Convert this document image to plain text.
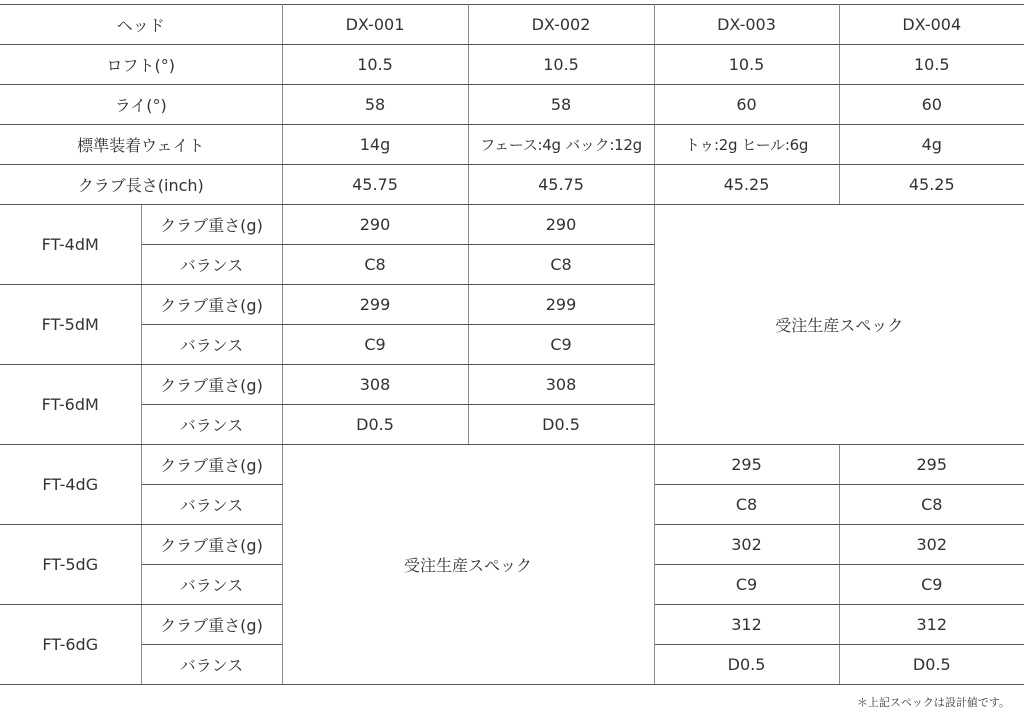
ヘッド		DX-001	DX-002	DX-003	DX-004
ロフト(°)		10.5	10.5	10.5	10.5
ライ(°)		58	58	60	60
標準装着ウェイト		14g	フェース:4g バック:12g	トゥ:2g ヒール:6g	4g
クラブ長さ(inch)		45.75	45.75	45.25	45.25
FT-4dM	クラブ重さ(g)	290	290	受注生産スペック	
	バランス	C8	C8		
FT-5dM	クラブ重さ(g)	299	299		
	バランス	C9	C9		
FT-6dM	クラブ重さ(g)	308	308		
	バランス	D0.5	D0.5		
FT-4dG	クラブ重さ(g)	受注生産スペック		295	295
	バランス			C8	C8
FT-5dG	クラブ重さ(g)			302	302
	バランス			C9	C9
FT-6dG	クラブ重さ(g)			312	312
	バランス			D0.5	D0.5
＊上記スペックは設計値です。
